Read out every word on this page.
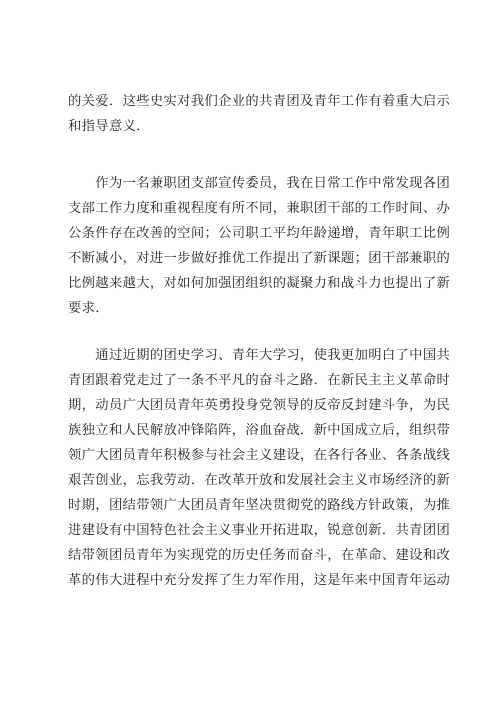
的关爱．这些史实对我们企业的共青团及青年工作有着重大启示
和指导意义．
　　作为一名兼职团支部宣传委员，我在日常工作中常发现各团
支部工作力度和重视程度有所不同，兼职团干部的工作时间、办
公条件存在改善的空间；公司职工平均年龄递增，青年职工比例
不断减小，对进一步做好推优工作提出了新课题；团干部兼职的
比例越来越大，对如何加强团组织的凝聚力和战斗力也提出了新
要求．
　　通过近期的团史学习、青年大学习，使我更加明白了中国共
青团跟着党走过了一条不平凡的奋斗之路．在新民主主义革命时
期，动员广大团员青年英勇投身党领导的反帝反封建斗争，为民
族独立和人民解放冲锋陷阵，浴血奋战．新中国成立后，组织带
领广大团员青年积极参与社会主义建设，在各行各业、各条战线
艰苦创业，忘我劳动．在改革开放和发展社会主义市场经济的新
时期，团结带领广大团员青年坚决贯彻党的路线方针政策，为推
进建设有中国特色社会主义事业开拓进取，锐意创新．共青团团
结带领团员青年为实现党的历史任务而奋斗，在革命、建设和改
革的伟大进程中充分发挥了生力军作用，这是年来中国青年运动
